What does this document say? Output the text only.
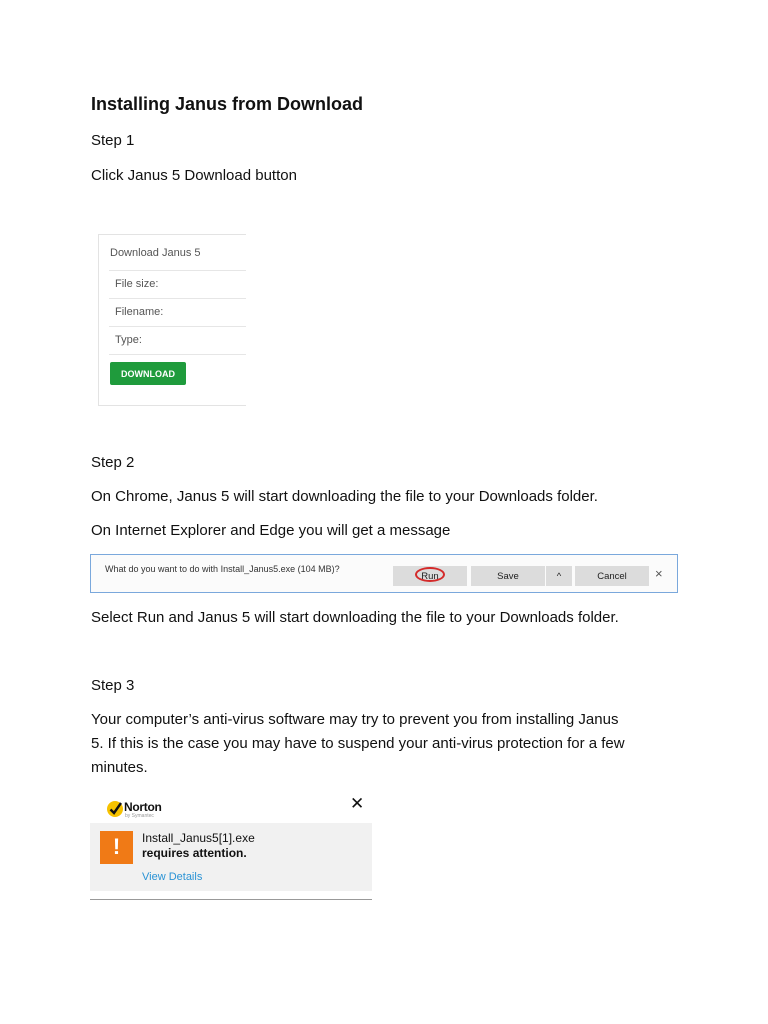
Installing Janus from Download
Step 1
Click Janus 5 Download button
Download Janus 5
File size:
Filename:
Type:
DOWNLOAD
Step 2
On Chrome, Janus 5 will start downloading the file to your Downloads folder.
On Internet Explorer and Edge you will get a message
What do you want to do with Install_Janus5.exe (104 MB)?
Run	Save	^	Cancel	×
Select Run and Janus 5 will start downloading the file to your Downloads folder.
Step 3
Your computer’s anti-virus software may try to prevent you from installing Janus
5. If this is the case you may have to suspend your anti-virus protection for a few
minutes.
Norton
by Symantec
✕
!	Install_Janus5[1].exe
requires attention.
View Details
